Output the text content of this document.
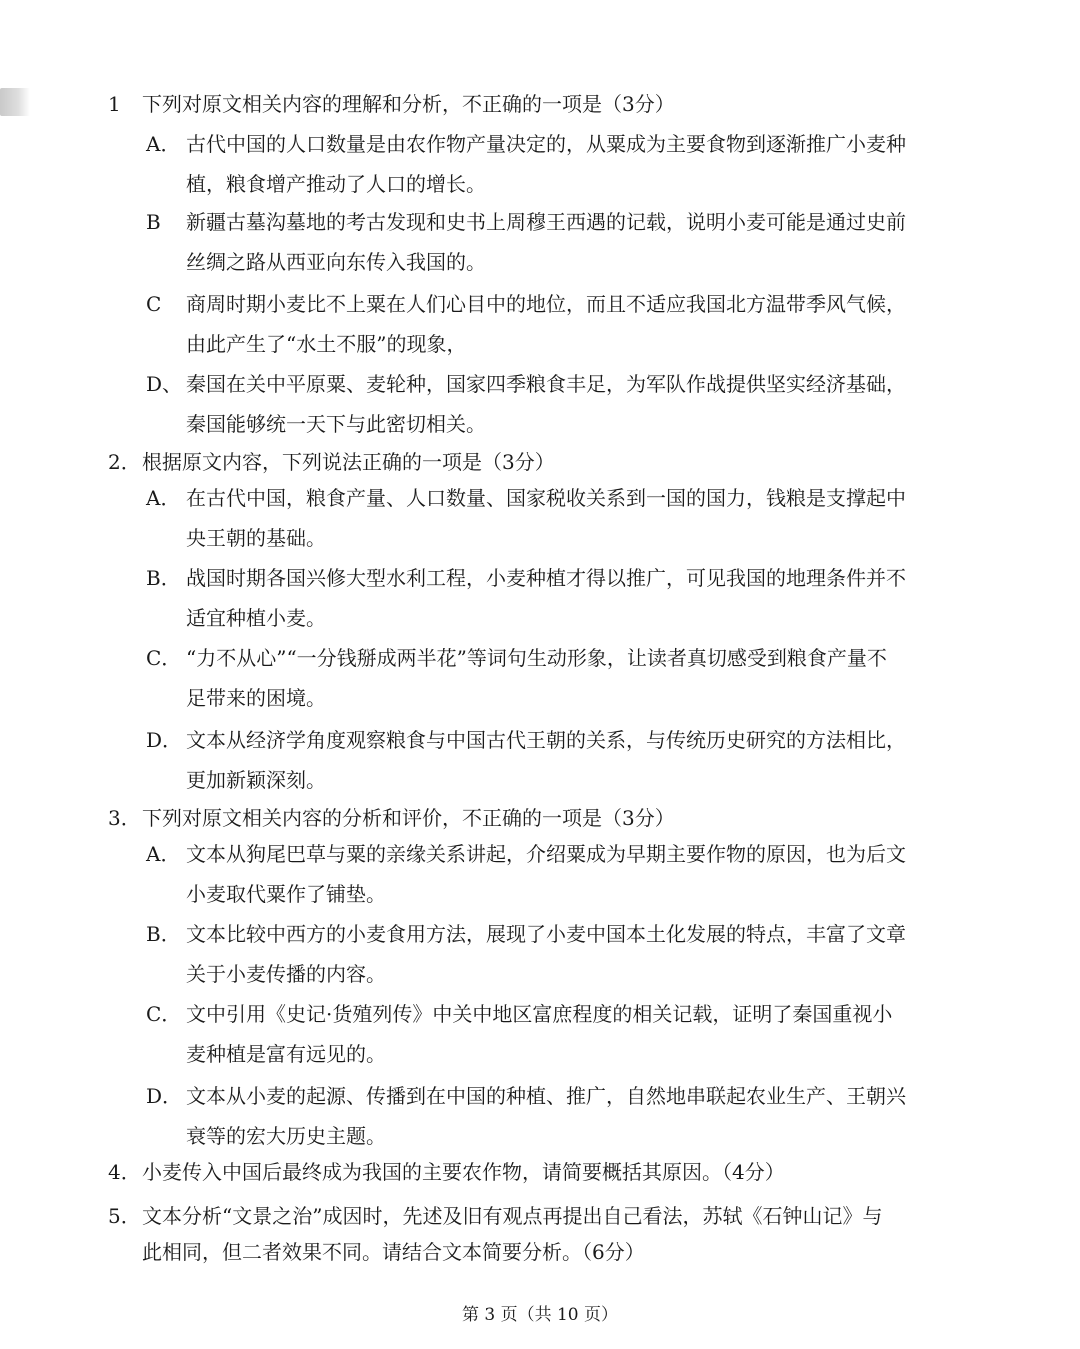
1 下列对原文相关内容的理解和分析，不正确的一项是（3分）
A． 古代中国的人口数量是由农作物产量决定的，从粟成为主要食物到逐渐推广小麦种
植，粮食增产推动了人口的增长。
B	新疆古墓沟墓地的考古发现和史书上周穆王西遇的记载，说明小麦可能是通过史前
丝绸之路从西亚向东传入我国的。
C	商周时期小麦比不上粟在人们心目中的地位，而且不适应我国北方温带季风气候，
由此产生了“水土不服”的现象，
D、 秦国在关中平原粟、麦轮种，国家四季粮食丰足，为军队作战提供坚实经济基础，
秦国能够统一天下与此密切相关。
2．根据原文内容，下列说法正确的一项是（3分）
A． 在古代中国，粮食产量、人口数量、国家税收关系到一国的国力，钱粮是支撑起中
央王朝的基础。
B． 战国时期各国兴修大型水利工程，小麦种植才得以推广，可见我国的地理条件并不
适宜种植小麦。
C． “力不从心”“一分钱掰成两半花”等词句生动形象，让读者真切感受到粮食产量不
足带来的困境。
D． 文本从经济学角度观察粮食与中国古代王朝的关系，与传统历史研究的方法相比，
更加新颖深刻。
3．下列对原文相关内容的分析和评价，不正确的一项是（3分）
A． 文本从狗尾巴草与粟的亲缘关系讲起，介绍粟成为早期主要作物的原因，也为后文
小麦取代粟作了铺垫。
B． 文本比较中西方的小麦食用方法，展现了小麦中国本土化发展的特点，丰富了文章
关于小麦传播的内容。
C． 文中引用《史记·货殖列传》中关中地区富庶程度的相关记载，证明了秦国重视小
麦种植是富有远见的。
D． 文本从小麦的起源、传播到在中国的种植、推广，自然地串联起农业生产、王朝兴
衰等的宏大历史主题。
4．小麦传入中国后最终成为我国的主要农作物，请简要概括其原因。（4分）
5．文本分析“文景之治”成因时，先述及旧有观点再提出自己看法，苏轼《石钟山记》与
此相同，但二者效果不同。请结合文本简要分析。（6分）
第 3 页（共 10 页）
